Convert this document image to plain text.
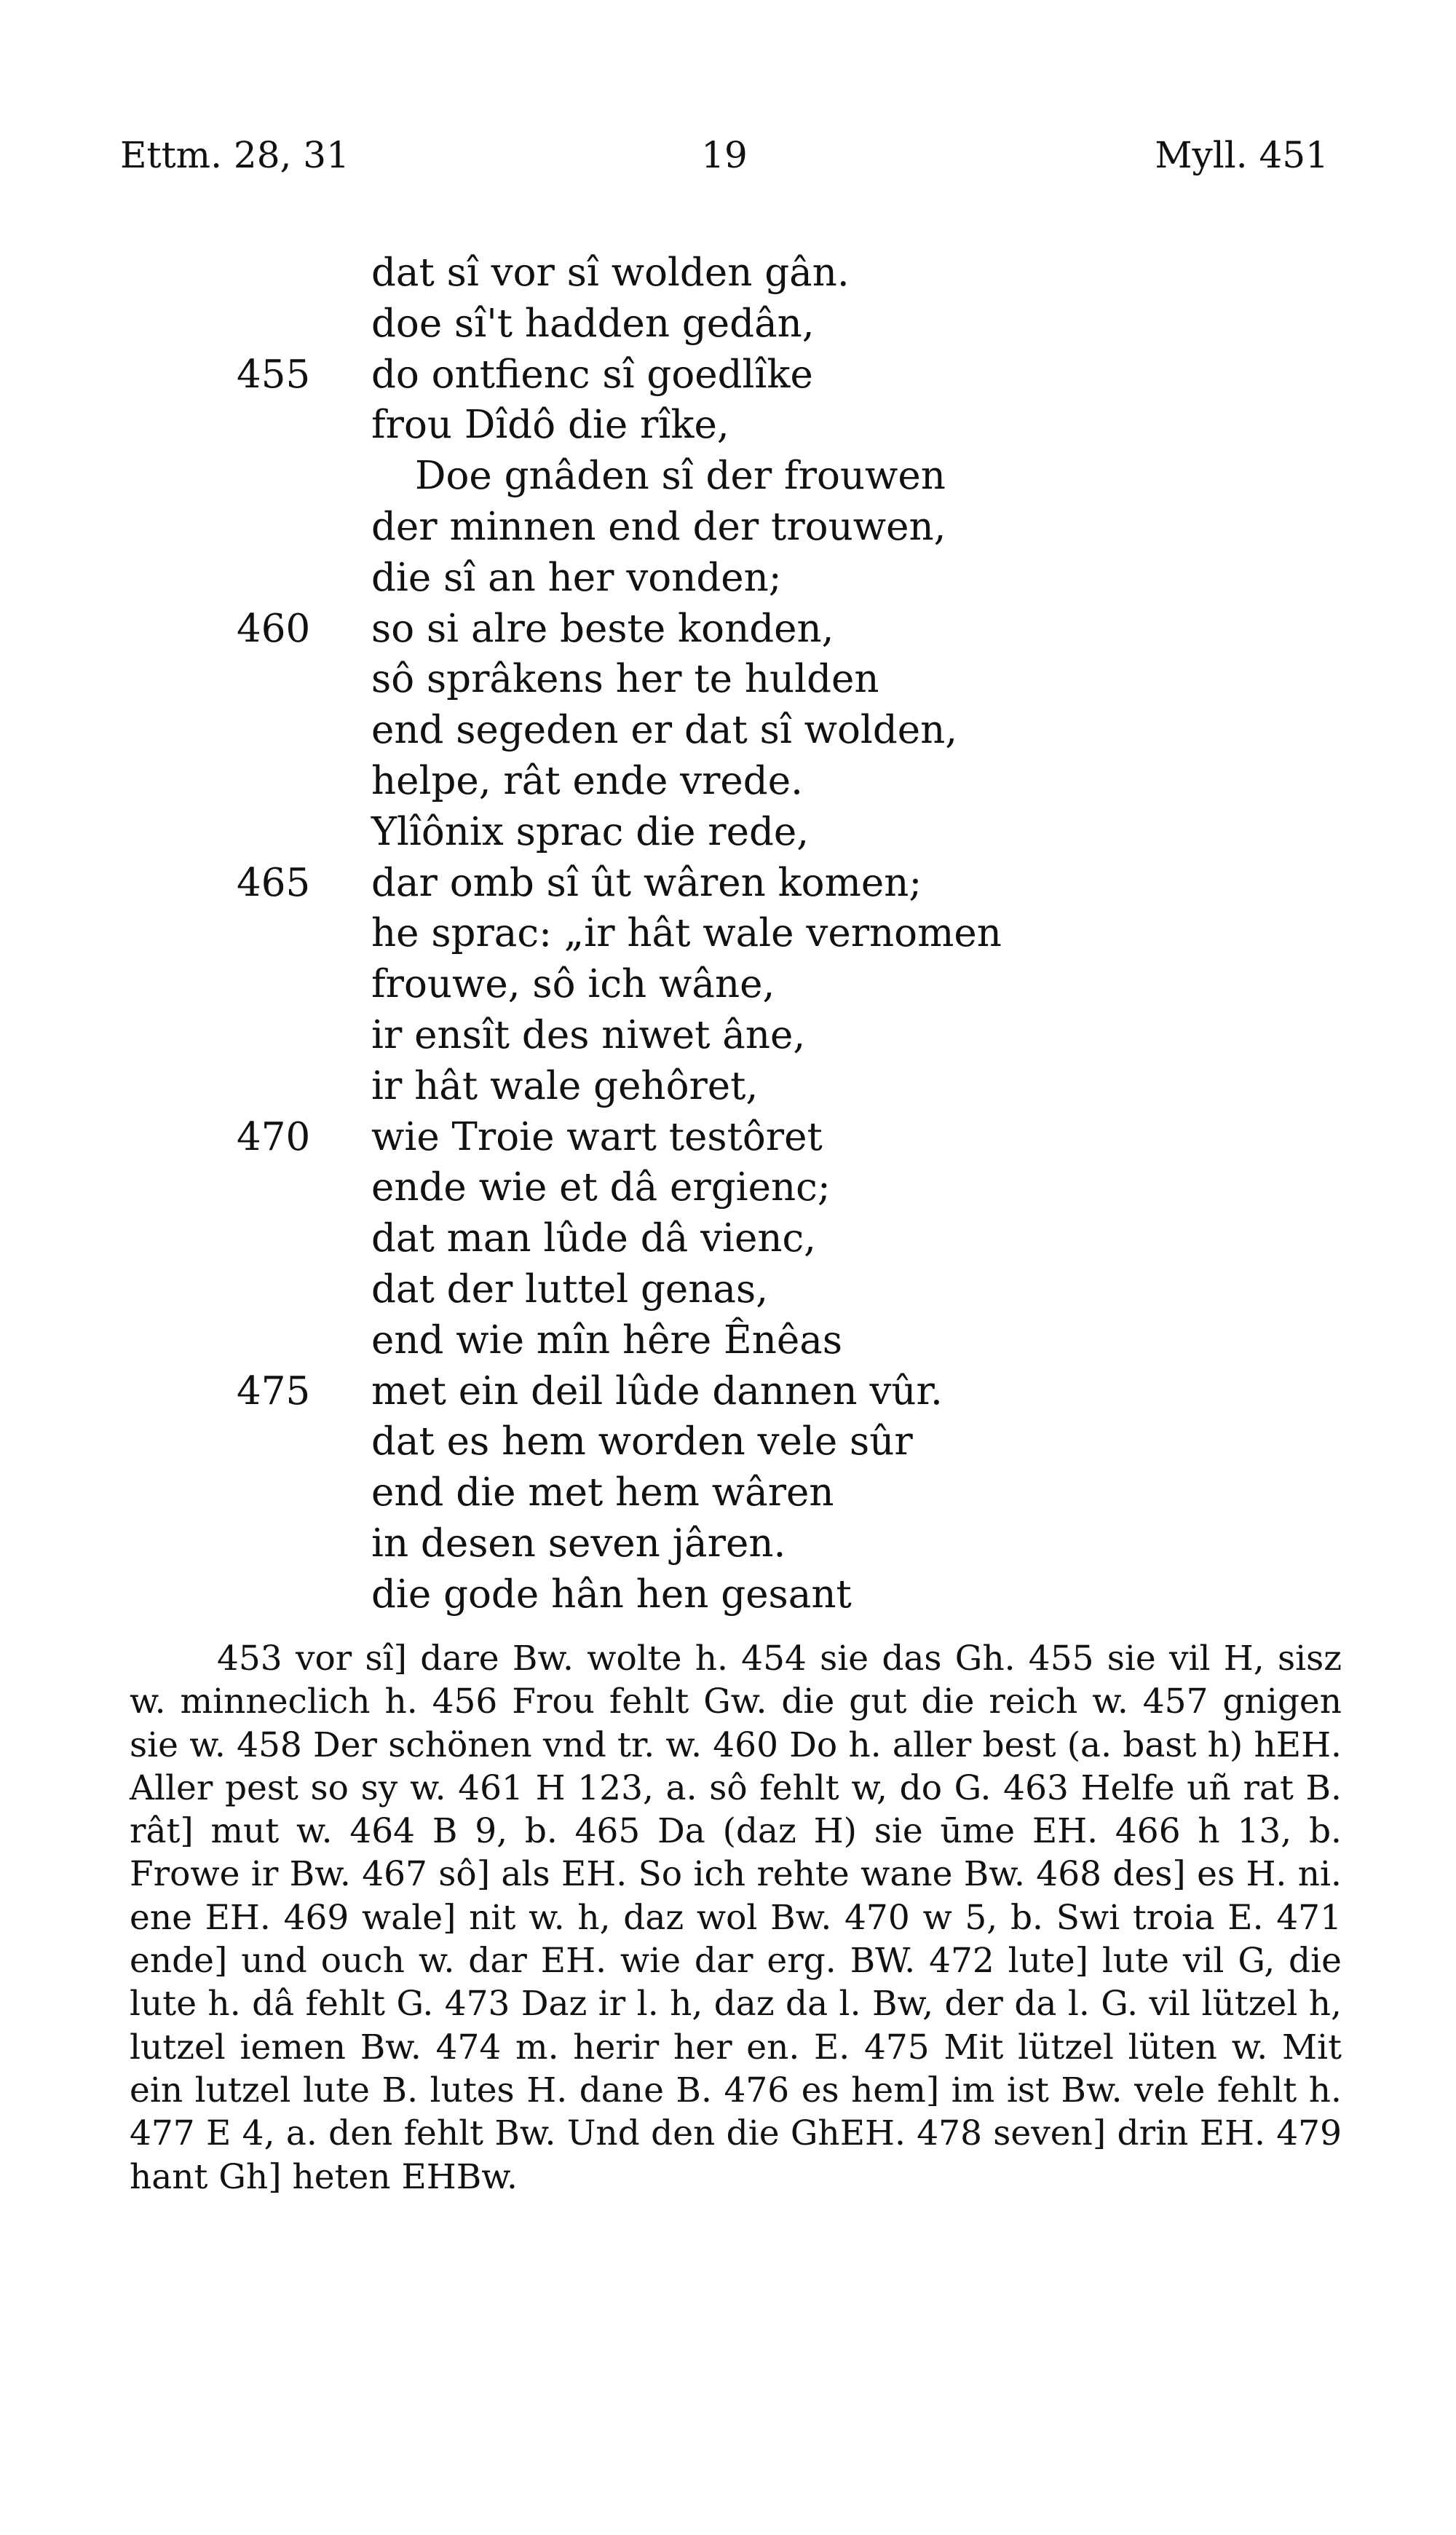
Ettm. 28, 31	19	Myll. 451
dat sî vor sî wolden gân.
doe sî't hadden gedân,
455	do ontfienc sî goedlîke
frou Dîdô die rîke,
Doe gnâden sî der frouwen
der minnen end der trouwen,
die sî an her vonden;
460	so si alre beste konden,
sô sprâkens her te hulden
end segeden er dat sî wolden,
helpe, rât ende vrede.
Ylîônix sprac die rede,
465	dar omb sî ût wâren komen;
he sprac: „ir hât wale vernomen
frouwe, sô ich wâne,
ir ensît des niwet âne,
ir hât wale gehôret,
470	wie Troie wart testôret
ende wie et dâ ergienc;
dat man lûde dâ vienc,
dat der luttel genas,
end wie mîn hêre Ênêas
475	met ein deil lûde dannen vûr.
dat es hem worden vele sûr
end die met hem wâren
in desen seven jâren.
die gode hân hen gesant

453 vor sî] dare Bw. wolte h. 454 sie das Gh. 455 sie vil H, sisz w. minneclich h. 456 Frou fehlt Gw. die gut die reich w. 457 gnigen sie w. 458 Der schönen vnd tr. w. 460 Do h. aller best (a. bast h) hEH. Aller pest so sy w. 461 H 123, a. sô fehlt w, do G. 463 Helfe uñ rat B. rât] mut w. 464 B 9, b. 465 Da (daz H) sie ūme EH. 466 h 13, b. Frowe ir Bw. 467 sô] als EH. So ich rehte wane Bw. 468 des] es H. ni. ene EH. 469 wale] nit w. h, daz wol Bw. 470 w 5, b. Swi troia E. 471 ende] und ouch w. dar EH. wie dar erg. BW. 472 lute] lute vil G, die lute h. dâ fehlt G. 473 Daz ir l. h, daz da l. Bw, der da l. G. vil lützel h, lutzel iemen Bw. 474 m. herir her en. E. 475 Mit lützel lüten w. Mit ein lutzel lute B. lutes H. dane B. 476 es hem] im ist Bw. vele fehlt h. 477 E 4, a. den fehlt Bw. Und den die GhEH. 478 seven] drin EH. 479 hant Gh] heten EHBw.
